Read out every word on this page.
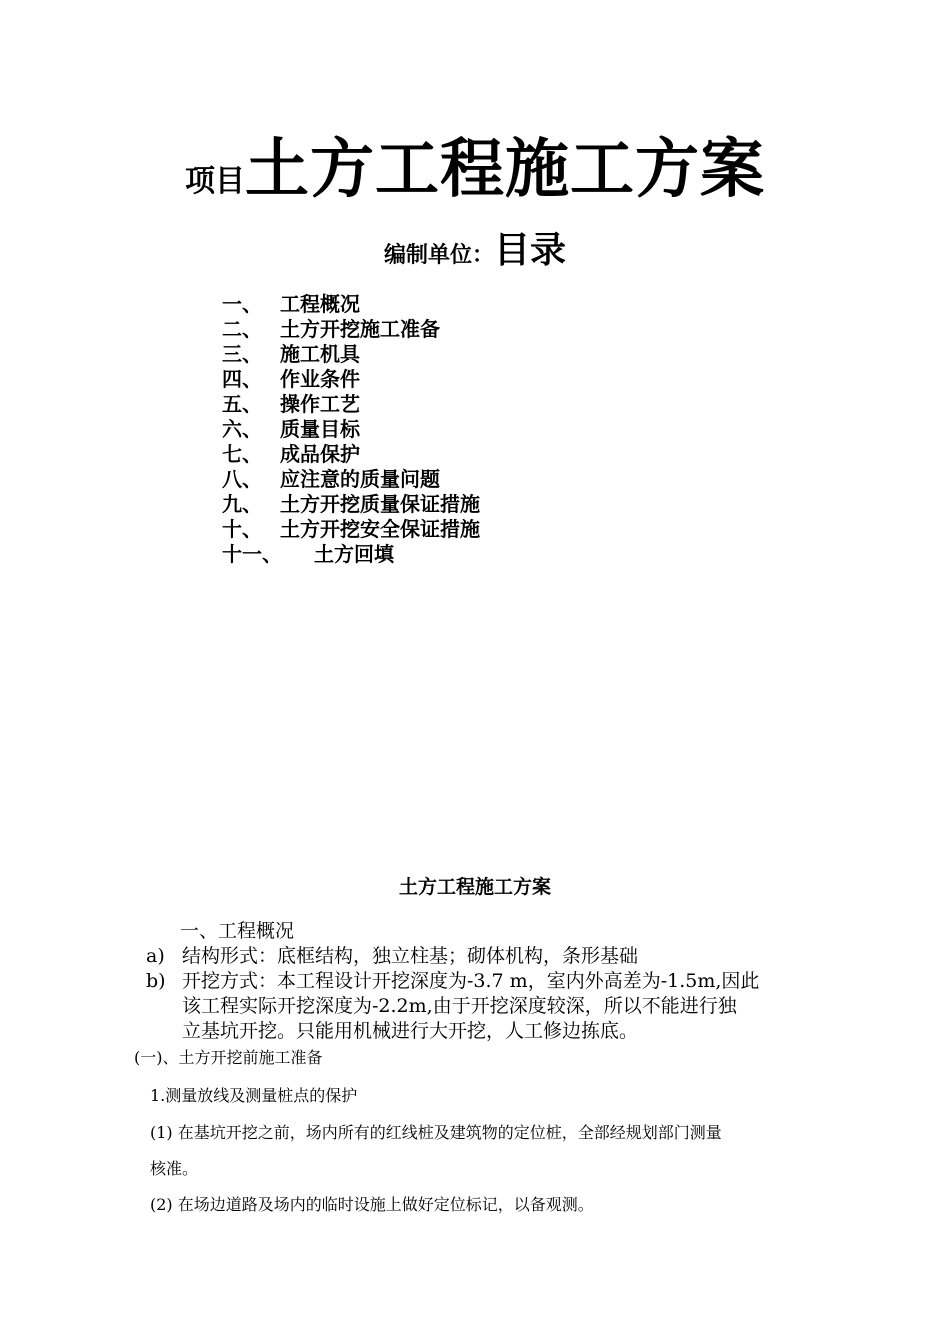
项目土方工程施工方案
编制单位：目录
一、 工程概况
二、 土方开挖施工准备
三、 施工机具
四、 作业条件
五、 操作工艺
六、 质量目标
七、 成品保护
八、 应注意的质量问题
九、 土方开挖质量保证措施
十、 土方开挖安全保证措施
十一、 土方回填
土方工程施工方案
一、工程概况
a) 结构形式：底框结构，独立柱基；砌体机构，条形基础
b) 开挖方式：本工程设计开挖深度为-3.7 m，室内外高差为-1.5m,因此
该工程实际开挖深度为-2.2m,由于开挖深度较深，所以不能进行独
立基坑开挖。只能用机械进行大开挖，人工修边拣底。
(一)、土方开挖前施工准备
1.测量放线及测量桩点的保护
(1) 在基坑开挖之前，场内所有的红线桩及建筑物的定位桩，全部经规划部门测量
核准。
(2) 在场边道路及场内的临时设施上做好定位标记，以备观测。
